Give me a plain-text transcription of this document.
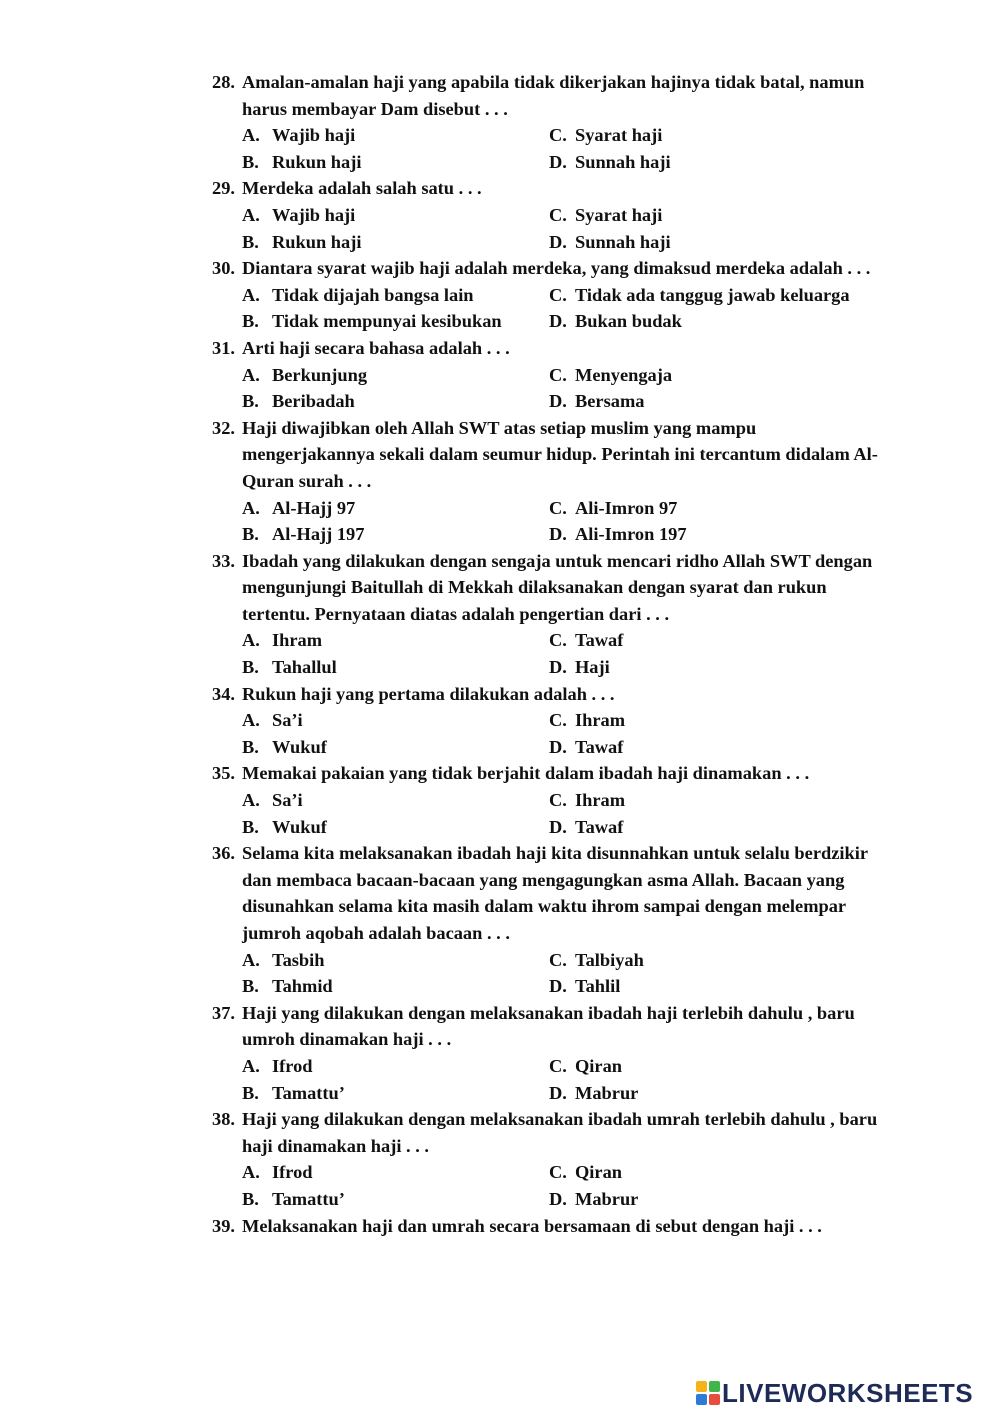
28. Amalan-amalan haji yang apabila tidak dikerjakan hajinya tidak batal, namun harus membayar Dam disebut . . .
A. Wajib haji	C. Syarat haji
B. Rukun haji	D. Sunnah haji
29. Merdeka adalah salah satu . . .
A. Wajib haji	C. Syarat haji
B. Rukun haji	D. Sunnah haji
30. Diantara syarat wajib haji adalah merdeka, yang dimaksud merdeka adalah . . .
A. Tidak dijajah bangsa lain	C. Tidak ada tanggug jawab keluarga
B. Tidak mempunyai kesibukan	D. Bukan budak
31. Arti haji secara bahasa adalah . . .
A. Berkunjung	C. Menyengaja
B. Beribadah	D. Bersama
32. Haji diwajibkan oleh Allah SWT atas setiap muslim yang mampu mengerjakannya sekali dalam seumur hidup. Perintah ini tercantum didalam Al-Quran surah . . .
A. Al-Hajj 97	C. Ali-Imron 97
B. Al-Hajj 197	D. Ali-Imron 197
33. Ibadah yang dilakukan dengan sengaja untuk mencari ridho Allah SWT dengan mengunjungi Baitullah di Mekkah dilaksanakan dengan syarat dan rukun tertentu. Pernyataan diatas adalah pengertian dari . . .
A. Ihram	C. Tawaf
B. Tahallul	D. Haji
34. Rukun haji yang pertama dilakukan adalah . . .
A. Sa’i	C. Ihram
B. Wukuf	D. Tawaf
35. Memakai pakaian yang tidak berjahit dalam ibadah haji dinamakan . . .
A. Sa’i	C. Ihram
B. Wukuf	D. Tawaf
36. Selama kita melaksanakan ibadah haji kita disunnahkan untuk selalu berdzikir dan membaca bacaan-bacaan yang mengagungkan asma Allah. Bacaan yang disunahkan selama kita masih dalam waktu ihrom sampai dengan melempar jumroh aqobah adalah bacaan . . .
A. Tasbih	C. Talbiyah
B. Tahmid	D. Tahlil
37. Haji yang dilakukan dengan melaksanakan ibadah haji terlebih dahulu , baru umroh dinamakan haji . . .
A. Ifrod	C. Qiran
B. Tamattu’	D. Mabrur
38. Haji yang dilakukan dengan melaksanakan ibadah umrah terlebih dahulu , baru haji dinamakan haji . . .
A. Ifrod	C. Qiran
B. Tamattu’	D. Mabrur
39. Melaksanakan haji dan umrah secara bersamaan di sebut dengan haji . . .
LIVEWORKSHEETS
